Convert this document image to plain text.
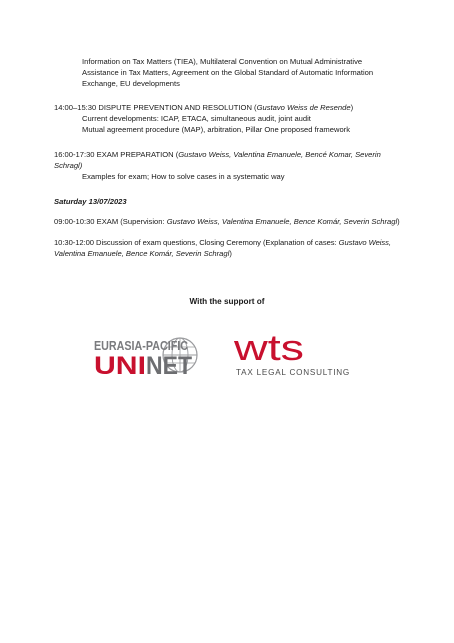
Information on Tax Matters (TIEA), Multilateral Convention on Mutual Administrative
Assistance in Tax Matters, Agreement on the Global Standard of Automatic Information
Exchange, EU developments
14:00–15:30 DISPUTE PREVENTION AND RESOLUTION (Gustavo Weiss de Resende)
Current developments: ICAP, ETACA, simultaneous audit, joint audit
Mutual agreement procedure (MAP), arbitration, Pillar One proposed framework
16:00-17:30 EXAM PREPARATION (Gustavo Weiss, Valentina Emanuele, Bencé Komar, Severin
Schragl)
Examples for exam; How to solve cases in a systematic way
Saturday 13/07/2023
09:00-10:30 EXAM (Supervision: Gustavo Weiss, Valentina Emanuele, Bence Komár, Severin Schragl)
10:30-12:00 Discussion of exam questions, Closing Ceremony (Explanation of cases: Gustavo Weiss,
Valentina Emanuele, Bence Komár, Severin Schragl)
With the support of
EURASIA-PACIFIC
UNI NET wts
TAX LEGAL CONSULTING
